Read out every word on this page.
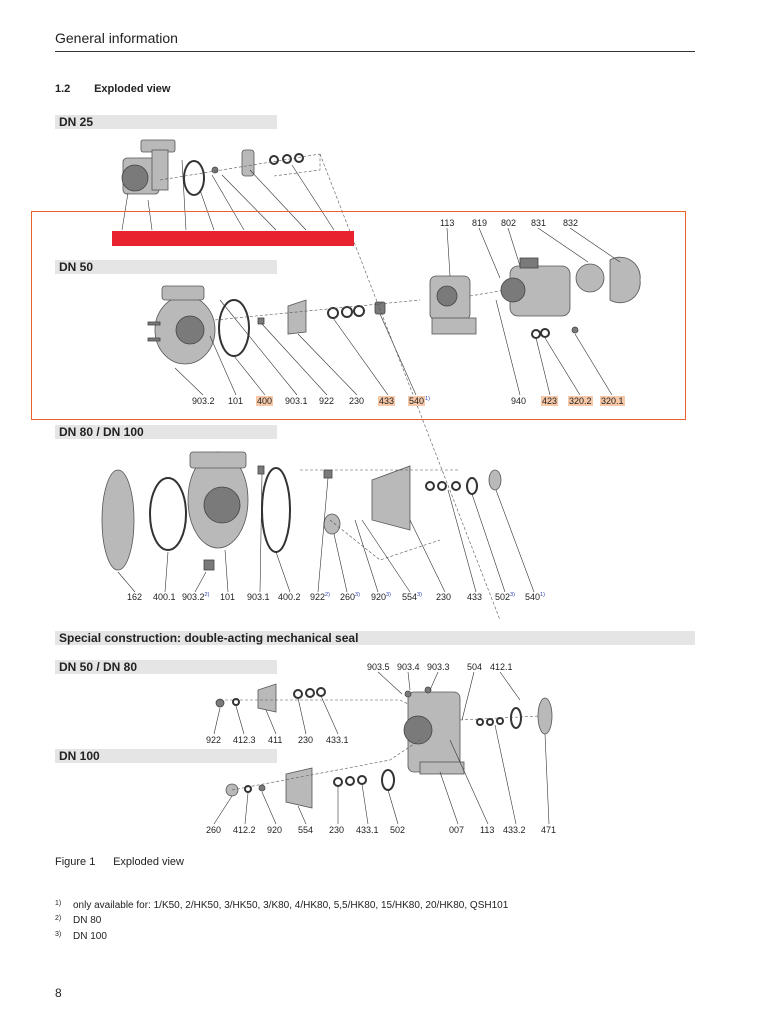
General information
1.2 Exploded view
DN 25
DN 50
DN 80 / DN 100
Special construction: double-acting mechanical seal
DN 50 / DN 80
DN 100
113 819 802 831 832
903.2 101 400 903.1 922 230 433 540$^{1)}$	940 423 320.2 320.1
162 400.1 903.2$^{2)}$ 101 903.1 400.2 922$^{2)}$ 260$^{3)}$ 920$^{3)}$ 554$^{3)}$ 230 433 502$^{3)}$ 540$^{1)}$
903.5 903.4 903.3 504 412.1
922 412.3 411 230 433.1
260 412.2 920 554 230 433.1 502	007 113 433.2 471
Figure 1 Exploded view
1) only available for: 1/K50, 2/HK50, 3/HK50, 3/K80, 4/HK80, 5,5/HK80, 15/HK80, 20/HK80, QSH101
2) DN 80
3) DN 100
8
